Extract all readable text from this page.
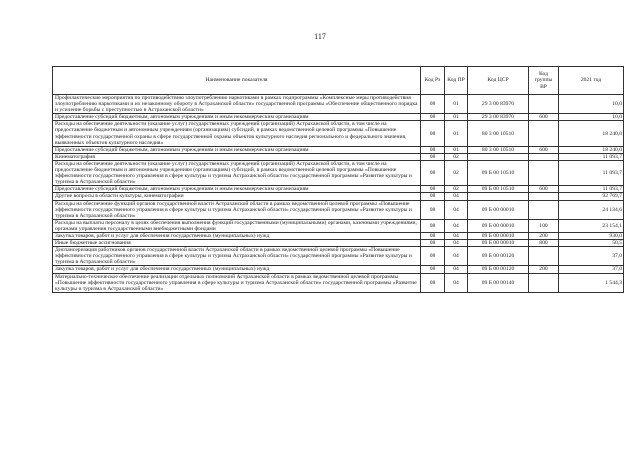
117
Наименование показателя	Код Рз	Код ПР	Код ЦСР	Код группы ВР	2021 год
Профилактические мероприятия по противодействию злоупотреблению наркотиками в рамках подпрограммы «Комплексные меры противодействия злоупотреблению наркотиками и их незаконному обороту в Астраханской области» государственной программы «Обеспечение общественного порядка и усиление борьбы с преступностью в Астраханской области»	08	01	29 3 00 83970		10,0
Предоставление субсидий бюджетным, автономным учреждениям и иным некоммерческим организациям	08	01	29 3 00 83970	600	10,0
Расходы на обеспечение деятельности (оказание услуг) государственных учреждений (организаций) Астраханской области, в том числе на предоставление бюджетным и автономным учреждениям (организациям) субсидий, в рамках ведомственной целевой программы «Повышение эффективности государственной охраны в сфере государственной охраны объектов культурного наследия регионального и федерального значения, выявленных объектов культурного наследия»	08	01	80 3 00 10510		18 240,0
Предоставление субсидий бюджетным, автономным учреждениям и иным некоммерческим организациям	08	01	80 3 00 10510	600	18 240,0
Кинематография	08	02			11 093,7
Расходы на обеспечение деятельности (оказание услуг) государственных учреждений (организаций) Астраханской области, в том числе на предоставление бюджетным и автономным учреждениям (организациям) субсидий, в рамках ведомственной целевой программы «Повышение эффективности государственного управления в сфере культуры и туризма Астраханской области» государственной программы «Развитие культуры и туризма в Астраханской области»	08	02	09 Б 00 10510		11 093,7
Предоставление субсидий бюджетным, автономным учреждениям и иным некоммерческим организациям	08	02	09 Б 00 10510	600	11 093,7
Другие вопросы в области культуры, кинематографии	08	04			92 769,7
Расходы на обеспечение функций органов государственной власти Астраханской области в рамках ведомственной целевой программы «Повышение эффективности государственного управления в сфере культуры и туризма Астраханской области» государственной программы «Развитие культуры и туризма в Астраханской области»	08	04	09 Б 00 00010		24 134,6
Расходы на выплаты персоналу в целях обеспечения выполнения функций государственными (муниципальными) органами, казенными учреждениями, органами управления государственными внебюджетными фондами	08	04	09 Б 00 00010	100	23 154,1
Закупка товаров, работ и услуг для обеспечения государственных (муниципальных) нужд	08	04	09 Б 00 00010	200	930,0
Иные бюджетные ассигнования	08	04	09 Б 00 00010	800	50,5
Диспансеризация работников органов государственной власти Астраханской области в рамках ведомственной целевой программы «Повышение эффективности государственного управления в сфере культуры и туризма Астраханской области» государственной программы «Развитие культуры и туризма в Астраханской области»	08	04	09 Б 00 00120		37,0
Закупка товаров, работ и услуг для обеспечения государственных (муниципальных) нужд	08	04	09 Б 00 00120	200	37,0
Материально-техническое обеспечение реализации отдельных полномочий Астраханской области в рамках ведомственной целевой программы «Повышение эффективности государственного управления в сфере культуры и туризма Астраханской области» государственной программы «Развитие культуры и туризма в Астраханской области»	08	04	09 Б 00 00140		1 544,3
